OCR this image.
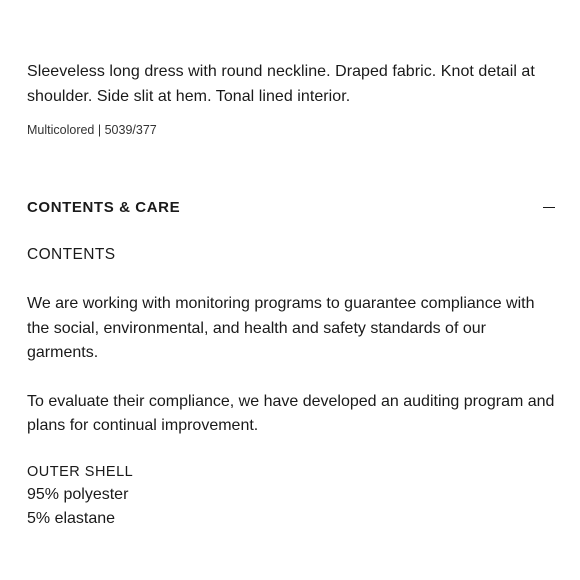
Sleeveless long dress with round neckline. Draped fabric. Knot detail at shoulder. Side slit at hem. Tonal lined interior.

Multicolored | 5039/377
CONTENTS & CARE

CONTENTS

We are working with monitoring programs to guarantee compliance with the social, environmental, and health and safety standards of our garments.

To evaluate their compliance, we have developed an auditing program and plans for continual improvement.

OUTER SHELL
95% polyester
5% elastane
